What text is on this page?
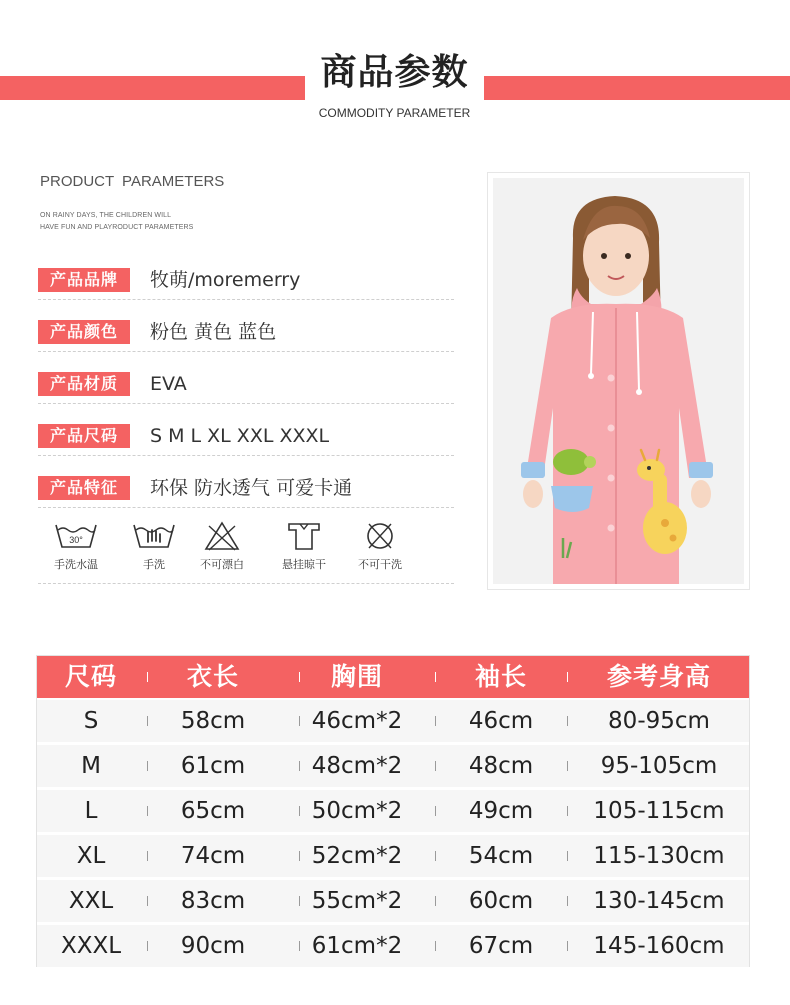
商品参数
COMMODITY PARAMETER
PRODUCT PARAMETERS
ON RAINY DAYS, THE CHILDREN WILL
HAVE FUN AND PLAYRODUCT PARAMETERS
产品品牌	牧萌/moremerry
产品颜色	粉色 黄色 蓝色
产品材质	EVA
产品尺码	S M L XL XXL XXXL
产品特征	环保 防水透气 可爱卡通
30°
手洗水温	手洗	不可漂白	悬挂晾干	不可干洗
尺码	衣长	胸围	袖长	参考身高
S	58cm	46cm*2	46cm	80-95cm
M	61cm	48cm*2	48cm	95-105cm
L	65cm	50cm*2	49cm	105-115cm
XL	74cm	52cm*2	54cm	115-130cm
XXL	83cm	55cm*2	60cm	130-145cm
XXXL	90cm	61cm*2	67cm	145-160cm
